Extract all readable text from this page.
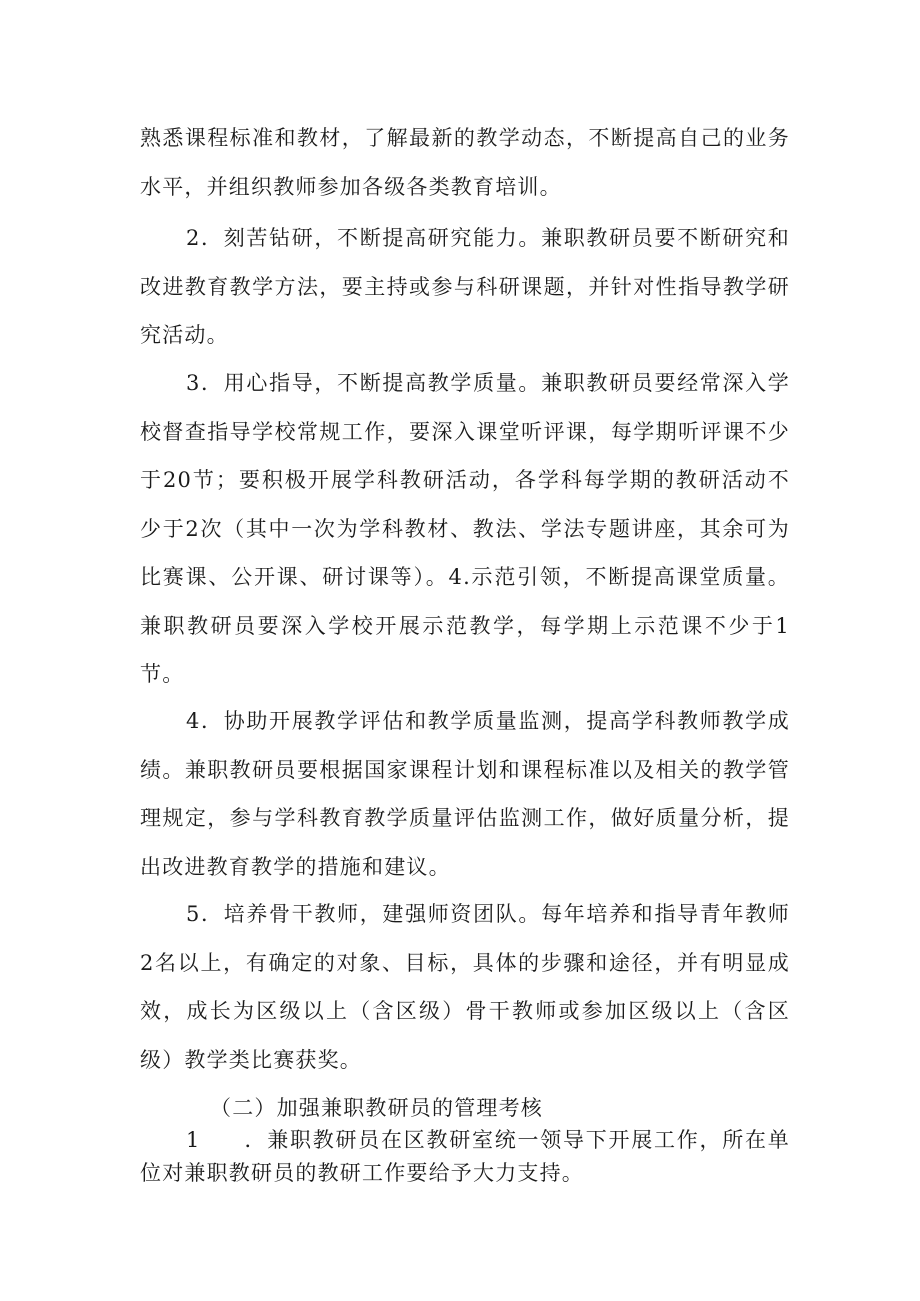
熟悉课程标准和教材，了解最新的教学动态，不断提高自己的业务水平，并组织教师参加各级各类教育培训。

2．刻苦钻研，不断提高研究能力。兼职教研员要不断研究和改进教育教学方法，要主持或参与科研课题，并针对性指导教学研究活动。

3．用心指导，不断提高教学质量。兼职教研员要经常深入学校督查指导学校常规工作，要深入课堂听评课，每学期听评课不少于20节；要积极开展学科教研活动，各学科每学期的教研活动不少于2次（其中一次为学科教材、教法、学法专题讲座，其余可为比赛课、公开课、研讨课等）。4.示范引领，不断提高课堂质量。兼职教研员要深入学校开展示范教学，每学期上示范课不少于1节。

4．协助开展教学评估和教学质量监测，提高学科教师教学成绩。兼职教研员要根据国家课程计划和课程标准以及相关的教学管理规定，参与学科教育教学质量评估监测工作，做好质量分析，提出改进教育教学的措施和建议。

5．培养骨干教师，建强师资团队。每年培养和指导青年教师2名以上，有确定的对象、目标，具体的步骤和途径，并有明显成效，成长为区级以上（含区级）骨干教师或参加区级以上（含区级）教学类比赛获奖。

（二）加强兼职教研员的管理考核

1 ．兼职教研员在区教研室统一领导下开展工作，所在单位对兼职教研员的教研工作要给予大力支持。
